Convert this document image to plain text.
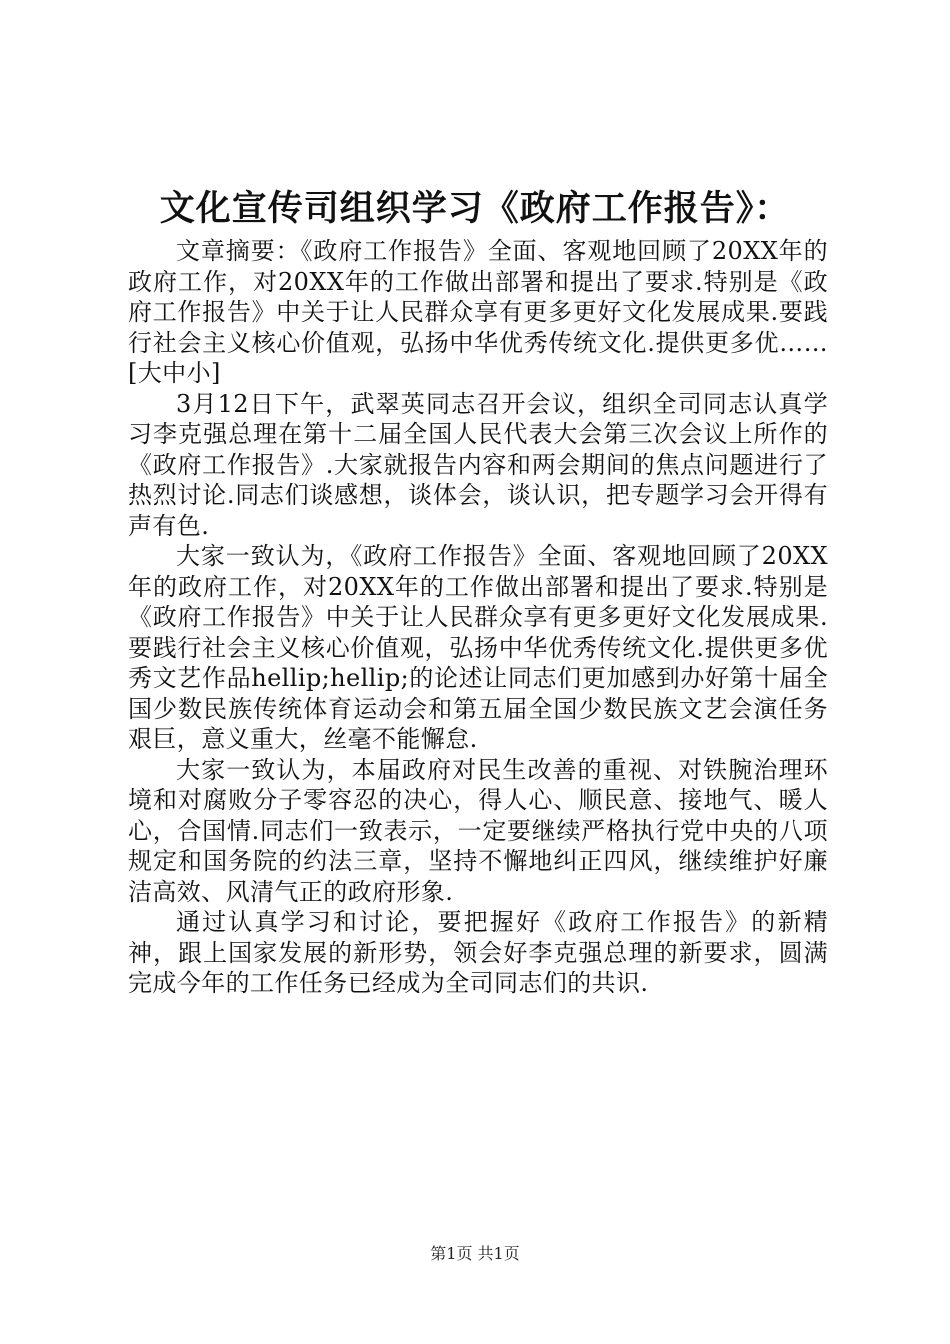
文化宣传司组织学习《政府工作报告》：

文章摘要：《政府工作报告》全面、客观地回顾了20XX年的政府工作，对20XX年的工作做出部署和提出了要求.特别是《政府工作报告》中关于让人民群众享有更多更好文化发展成果.要践行社会主义核心价值观，弘扬中华优秀传统文化.提供更多优……[大中小]

3月12日下午，武翠英同志召开会议，组织全司同志认真学习李克强总理在第十二届全国人民代表大会第三次会议上所作的《政府工作报告》.大家就报告内容和两会期间的焦点问题进行了热烈讨论.同志们谈感想，谈体会，谈认识，把专题学习会开得有声有色.

大家一致认为，《政府工作报告》全面、客观地回顾了20XX年的政府工作，对20XX年的工作做出部署和提出了要求.特别是《政府工作报告》中关于让人民群众享有更多更好文化发展成果.要践行社会主义核心价值观，弘扬中华优秀传统文化.提供更多优秀文艺作品hellip;hellip;的论述让同志们更加感到办好第十届全国少数民族传统体育运动会和第五届全国少数民族文艺会演任务艰巨，意义重大，丝毫不能懈怠.

大家一致认为，本届政府对民生改善的重视、对铁腕治理环境和对腐败分子零容忍的决心，得人心、顺民意、接地气、暖人心，合国情.同志们一致表示，一定要继续严格执行党中央的八项规定和国务院的约法三章，坚持不懈地纠正四风，继续维护好廉洁高效、风清气正的政府形象.

通过认真学习和讨论，要把握好《政府工作报告》的新精神，跟上国家发展的新形势，领会好李克强总理的新要求，圆满完成今年的工作任务已经成为全司同志们的共识.

第1页 共1页
